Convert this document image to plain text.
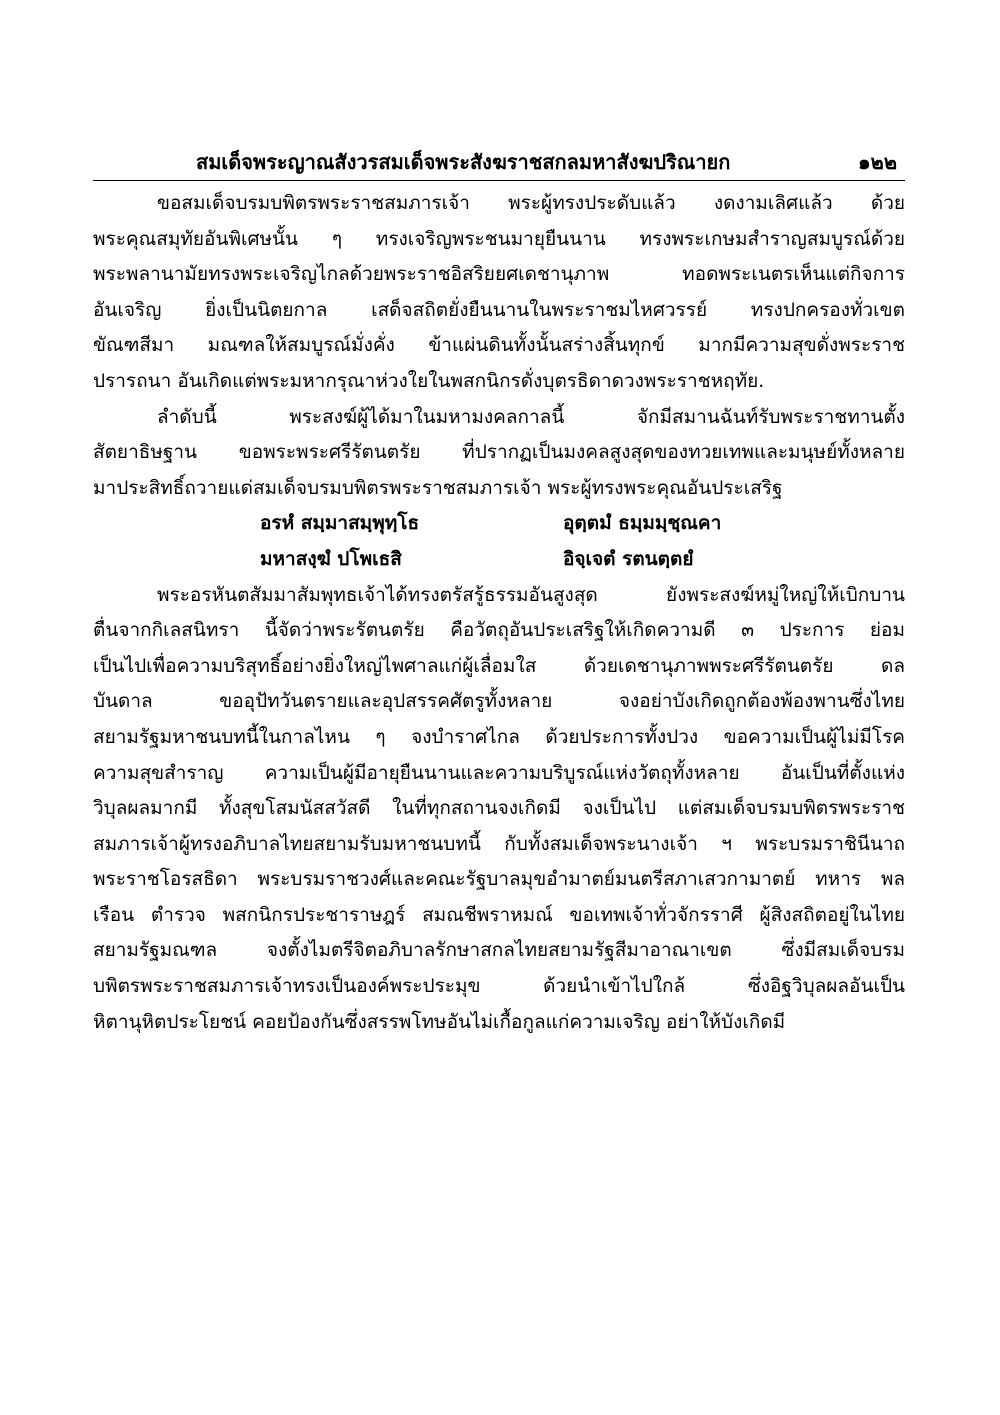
สมเด็จพระญาณสังวรสมเด็จพระสังฆราชสกลมหาสังฆปริณายก	๑๒๒
ขอสมเด็จบรมบพิตรพระราชสมภารเจ้า พระผู้ทรงประดับแล้ว งดงามเลิศแล้ว ด้วย
พระคุณสมุทัยอันพิเศษนั้น ๆ ทรงเจริญพระชนมายุยืนนาน ทรงพระเกษมสำราญสมบูรณ์ด้วย
พระพลานามัยทรงพระเจริญไกลด้วยพระราชอิสริยยศเดชานุภาพ ทอดพระเนตรเห็นแต่กิจการ
อันเจริญ ยิ่งเป็นนิตยกาล เสด็จสถิตยั่งยืนนานในพระราชมไหศวรรย์ ทรงปกครองทั่วเขต
ขัณฑสีมา มณฑลให้สมบูรณ์มั่งคั่ง ข้าแผ่นดินทั้งนั้นสร่างสิ้นทุกข์ มากมีความสุขดั่งพระราช
ปรารถนา อันเกิดแต่พระมหากรุณาห่วงใยในพสกนิกรดั่งบุตรธิดาดวงพระราชหฤทัย.
ลำดับนี้ พระสงฆ์ผู้ได้มาในมหามงคลกาลนี้ จักมีสมานฉันท์รับพระราชทานตั้ง
สัตยาธิษฐาน ขอพระพระศรีรัตนตรัย ที่ปรากฏเป็นมงคลสูงสุดของทวยเทพและมนุษย์ทั้งหลาย
มาประสิทธิ์ถวายแด่สมเด็จบรมบพิตรพระราชสมภารเจ้า พระผู้ทรงพระคุณอันประเสริฐ
อรหํ สมฺมาสมฺพุทฺโธ	อุตฺตมํ ธมฺมมฺชฺณคา
มหาสงฺฆํ ปโพเธสิ	อิจฺเจตํ รตนตฺตยํ
พระอรหันตสัมมาสัมพุทธเจ้าได้ทรงตรัสรู้ธรรมอันสูงสุด ยังพระสงฆ์หมู่ใหญ่ให้เบิกบาน
ตื่นจากกิเลสนิทรา นี้จัดว่าพระรัตนตรัย คือวัตถุอันประเสริฐให้เกิดความดี ๓ ประการ ย่อม
เป็นไปเพื่อความบริสุทธิ์อย่างยิ่งใหญ่ไพศาลแก่ผู้เลื่อมใส ด้วยเดชานุภาพพระศรีรัตนตรัย ดล
บันดาล ขออุปัทวันตรายและอุปสรรคศัตรูทั้งหลาย จงอย่าบังเกิดถูกต้องพ้องพานซึ่งไทย
สยามรัฐมหาชนบทนี้ในกาลไหน ๆ จงบำราศไกล ด้วยประการทั้งปวง ขอความเป็นผู้ไม่มีโรค
ความสุขสำราญ ความเป็นผู้มีอายุยืนนานและความบริบูรณ์แห่งวัตถุทั้งหลาย อันเป็นที่ตั้งแห่ง
วิบุลผลมากมี ทั้งสุขโสมนัสสวัสดี ในที่ทุกสถานจงเกิดมี จงเป็นไป แต่สมเด็จบรมบพิตรพระราช
สมภารเจ้าผู้ทรงอภิบาลไทยสยามรับมหาชนบทนี้ กับทั้งสมเด็จพระนางเจ้า ฯ พระบรมราชินีนาถ
พระราชโอรสธิดา พระบรมราชวงศ์และคณะรัฐบาลมุขอำมาตย์มนตรีสภาเสวกามาตย์ ทหาร พล
เรือน ตำรวจ พสกนิกรประชาราษฎร์ สมณชีพราหมณ์ ขอเทพเจ้าทั่วจักรราศี ผู้สิงสถิตอยู่ในไทย
สยามรัฐมณฑล จงตั้งไมตรีจิตอภิบาลรักษาสกลไทยสยามรัฐสีมาอาณาเขต ซึ่งมีสมเด็จบรม
บพิตรพระราชสมภารเจ้าทรงเป็นองค์พระประมุข ด้วยนำเข้าไปใกล้ ซึ่งอิฐวิบุลผลอันเป็น
หิตานุหิตประโยชน์ คอยป้องกันซึ่งสรรพโทษอันไม่เกื้อกูลแก่ความเจริญ อย่าให้บังเกิดมี
